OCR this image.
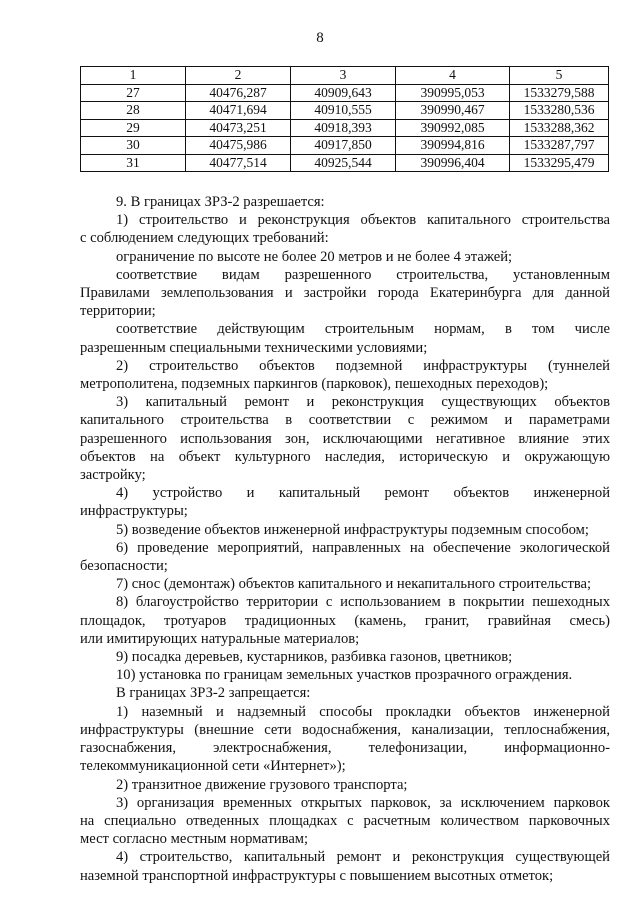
8
1	2	3	4	5
27	40476,287	40909,643	390995,053	1533279,588
28	40471,694	40910,555	390990,467	1533280,536
29	40473,251	40918,393	390992,085	1533288,362
30	40475,986	40917,850	390994,816	1533287,797
31	40477,514	40925,544	390996,404	1533295,479

9. В границах ЗРЗ-2 разрешается:

1) строительство и реконструкция объектов капитального строительства

с соблюдением следующих требований:

ограничение по высоте не более 20 метров и не более 4 этажей;

соответствие видам разрешенного строительства, установленным

Правилами землепользования и застройки города Екатеринбурга для данной

территории;

соответствие действующим строительным нормам, в том числе

разрешенным специальными техническими условиями;

2) строительство объектов подземной инфраструктуры (туннелей

метрополитена, подземных паркингов (парковок), пешеходных переходов);

3) капитальный ремонт и реконструкция существующих объектов

капитального строительства в соответствии с режимом и параметрами

разрешенного использования зон, исключающими негативное влияние этих

объектов на объект культурного наследия, историческую и окружающую

застройку;

4) устройство и капитальный ремонт объектов инженерной

инфраструктуры;

5) возведение объектов инженерной инфраструктуры подземным способом;

6) проведение мероприятий, направленных на обеспечение экологической

безопасности;

7) снос (демонтаж) объектов капитального и некапитального строительства;

8) благоустройство территории с использованием в покрытии пешеходных

площадок, тротуаров традиционных (камень, гранит, гравийная смесь)

или имитирующих натуральные материалов;

9) посадка деревьев, кустарников, разбивка газонов, цветников;

10) установка по границам земельных участков прозрачного ограждения.

В границах ЗРЗ-2 запрещается:

1) наземный и надземный способы прокладки объектов инженерной

инфраструктуры (внешние сети водоснабжения, канализации, теплоснабжения,

газоснабжения, электроснабжения, телефонизации, информационно-

телекоммуникационной сети «Интернет»);

2) транзитное движение грузового транспорта;

3) организация временных открытых парковок, за исключением парковок

на специально отведенных площадках с расчетным количеством парковочных

мест согласно местным нормативам;

4) строительство, капитальный ремонт и реконструкция существующей

наземной транспортной инфраструктуры с повышением высотных отметок;
